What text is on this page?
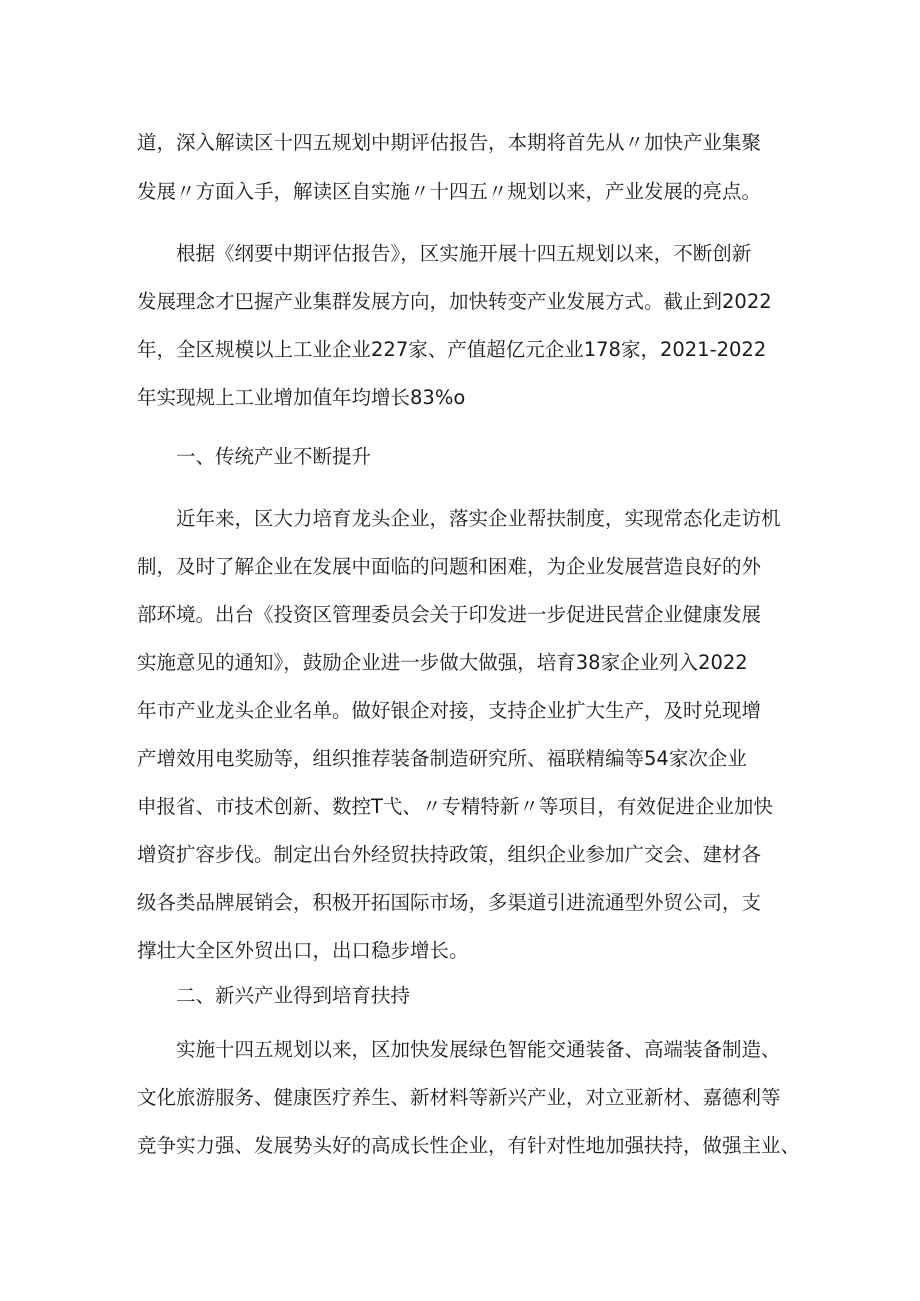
道，深入解读区十四五规划中期评估报告，本期将首先从〃加快产业集聚
发展〃方面入手，解读区自实施〃十四五〃规划以来，产业发展的亮点。
根据《纲要中期评估报告》，区实施开展十四五规划以来，不断创新
发展理念才巴握产业集群发展方向，加快转变产业发展方式。截止到2022
年，全区规模以上工业企业227家、产值超亿元企业178家，2021-2022
年实现规上工业增加值年均增长83%o
一、传统产业不断提升
近年来，区大力培育龙头企业，落实企业帮扶制度，实现常态化走访机
制，及时了解企业在发展中面临的问题和困难，为企业发展营造良好的外
部环境。出台《投资区管理委员会关于印发进一步促进民营企业健康发展
实施意见的通知》，鼓励企业进一步做大做强，培育38家企业列入2022
年市产业龙头企业名单。做好银企对接，支持企业扩大生产，及时兑现增
产增效用电奖励等，组织推荐装备制造研究所、福联精编等54家次企业
申报省、市技术创新、数控T弋、〃专精特新〃等项目，有效促进企业加快
增资扩容步伐。制定出台外经贸扶持政策，组织企业参加广交会、建材各
级各类品牌展销会，积极开拓国际市场，多渠道引进流通型外贸公司，支
撑壮大全区外贸出口，出口稳步增长。
二、新兴产业得到培育扶持
实施十四五规划以来，区加快发展绿色智能交通装备、高端装备制造、
文化旅游服务、健康医疗养生、新材料等新兴产业，对立亚新材、嘉德利等
竞争实力强、发展势头好的高成长性企业，有针对性地加强扶持，做强主业、
